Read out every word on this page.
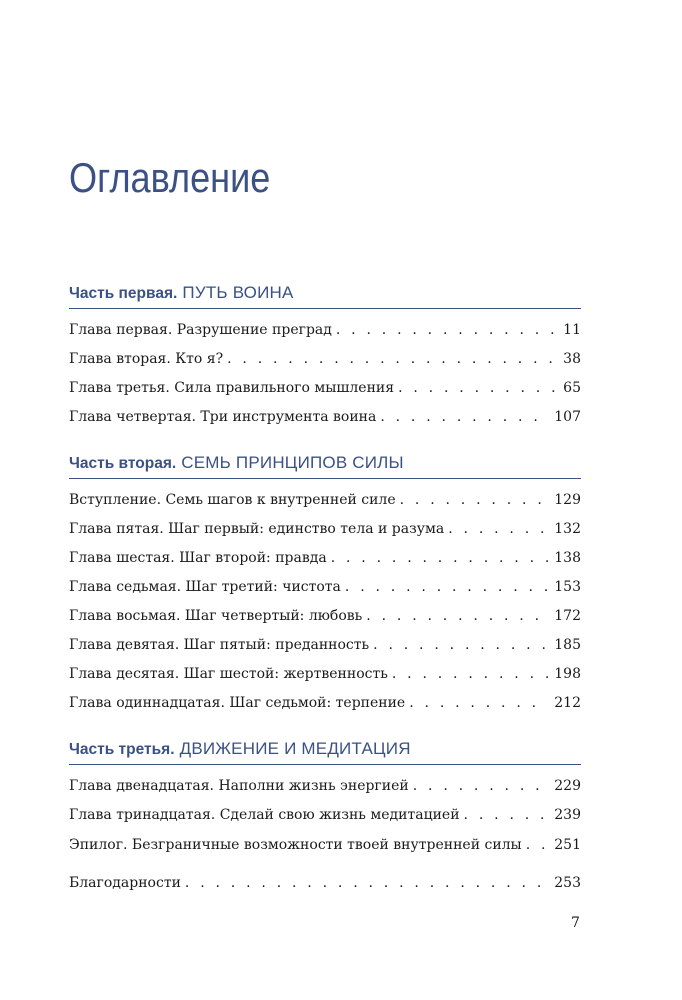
Оглавление
Часть первая. ПУТЬ ВОИНА
Глава первая. Разрушение преград . . .	11
Глава вторая. Кто я? . . .	38
Глава третья. Сила правильного мышления . . .	65
Глава четвертая. Три инструмента воина . . .	107
Часть вторая. СЕМЬ ПРИНЦИПОВ СИЛЫ
Вступление. Семь шагов к внутренней силе . . .	129
Глава пятая. Шаг первый: единство тела и разума . . .	132
Глава шестая. Шаг второй: правда . . .	138
Глава седьмая. Шаг третий: чистота . . .	153
Глава восьмая. Шаг четвертый: любовь . . .	172
Глава девятая. Шаг пятый: преданность . . .	185
Глава десятая. Шаг шестой: жертвенность . . .	198
Глава одиннадцатая. Шаг седьмой: терпение . . .	212
Часть третья. ДВИЖЕНИЕ И МЕДИТАЦИЯ
Глава двенадцатая. Наполни жизнь энергией . . .	229
Глава тринадцатая. Сделай свою жизнь медитацией . . .	239
Эпилог. Безграничные возможности твоей внутренней силы . . .	251
Благодарности . . .	253
7
